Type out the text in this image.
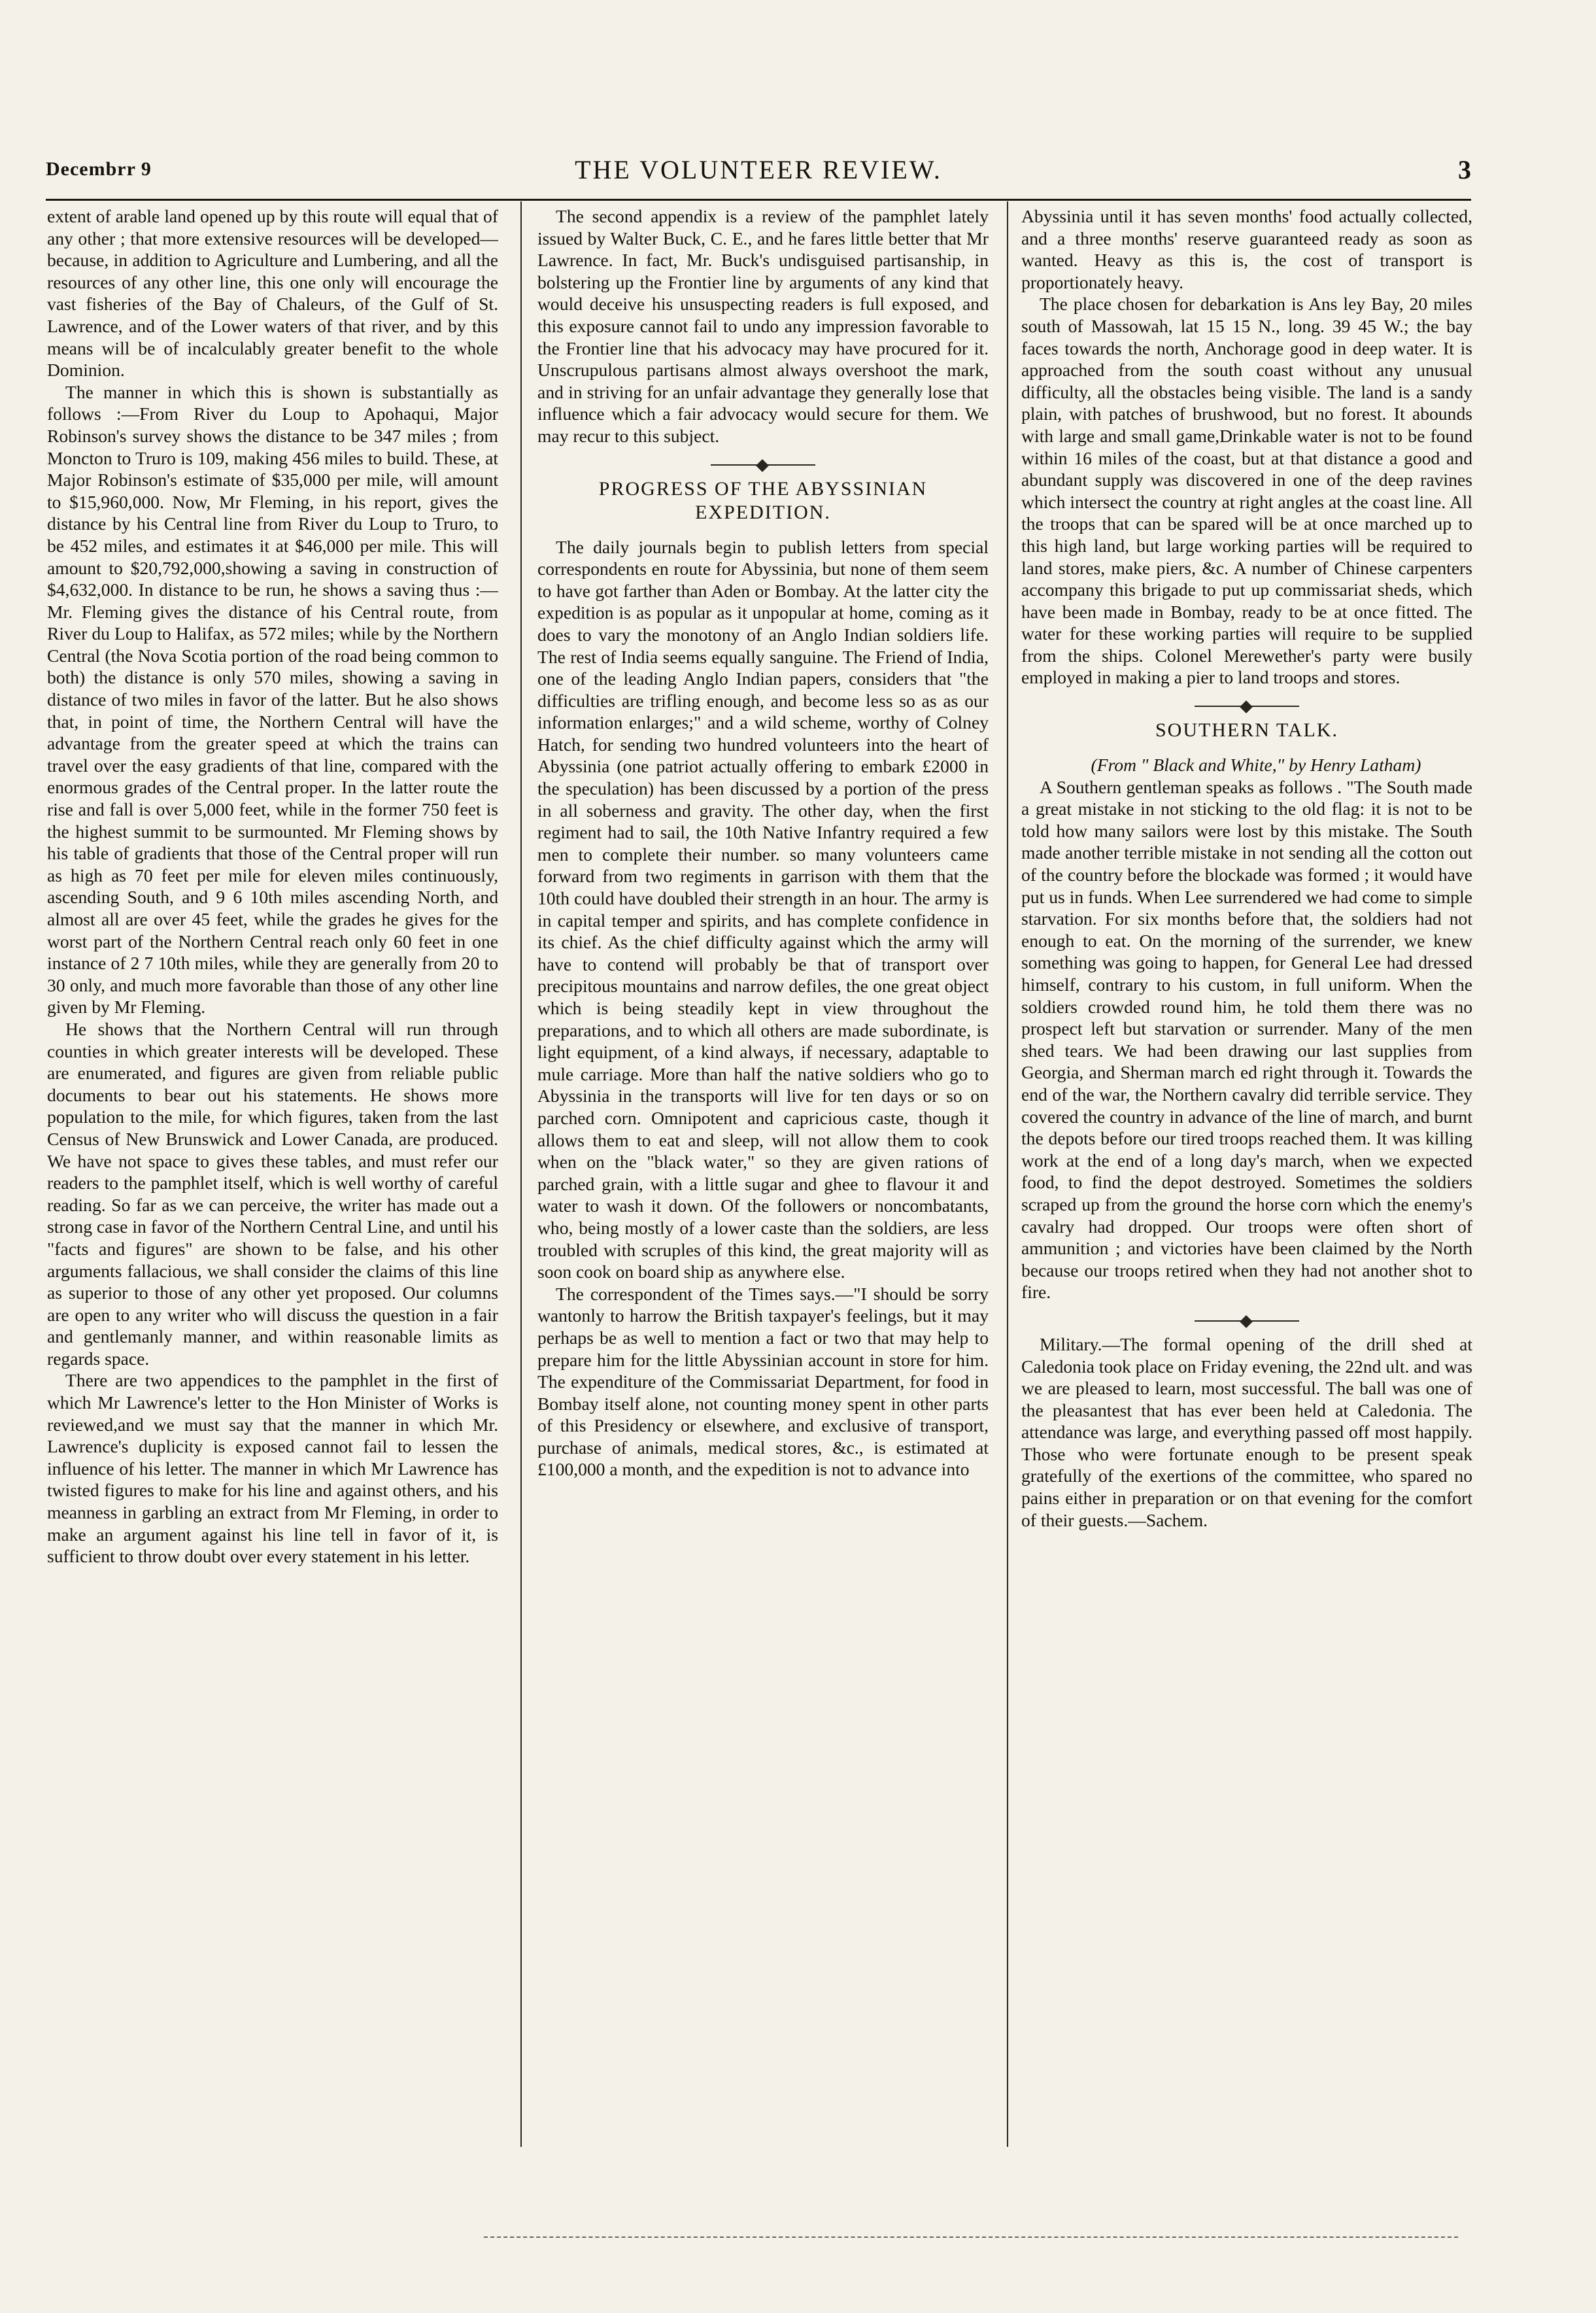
Decembrr 9	THE VOLUNTEER REVIEW.	3

extent of arable land opened up by this route will equal that of any other ; that more extensive resources will be developed—because, in addition to Agriculture and Lumbering, and all the resources of any other line, this one only will encourage the vast fisheries of the Bay of Chaleurs, of the Gulf of St. Lawrence, and of the Lower waters of that river, and by this means will be of incalculably greater benefit to the whole Dominion.

The manner in which this is shown is substantially as follows :—From River du Loup to Apohaqui, Major Robinson's survey shows the distance to be 347 miles ; from Moncton to Truro is 109, making 456 miles to build. These, at Major Robinson's estimate of $35,000 per mile, will amount to $15,960,000. Now, Mr Fleming, in his report, gives the distance by his Central line from River du Loup to Truro, to be 452 miles, and estimates it at $46,000 per mile. This will amount to $20,792,000,showing a saving in construction of $4,632,000. In distance to be run, he shows a saving thus :—Mr. Fleming gives the distance of his Central route, from River du Loup to Halifax, as 572 miles; while by the Northern Central (the Nova Scotia portion of the road being common to both) the distance is only 570 miles, showing a saving in distance of two miles in favor of the latter. But he also shows that, in point of time, the Northern Central will have the advantage from the greater speed at which the trains can travel over the easy gradients of that line, compared with the enormous grades of the Central proper. In the latter route the rise and fall is over 5,000 feet, while in the former 750 feet is the highest summit to be surmounted. Mr Fleming shows by his table of gradients that those of the Central proper will run as high as 70 feet per mile for eleven miles continuously, ascending South, and 9 6 10th miles ascending North, and almost all are over 45 feet, while the grades he gives for the worst part of the Northern Central reach only 60 feet in one instance of 2 7 10th miles, while they are generally from 20 to 30 only, and much more favorable than those of any other line given by Mr Fleming.

He shows that the Northern Central will run through counties in which greater interests will be developed. These are enumerated, and figures are given from reliable public documents to bear out his statements. He shows more population to the mile, for which figures, taken from the last Census of New Brunswick and Lower Canada, are produced. We have not space to gives these tables, and must refer our readers to the pamphlet itself, which is well worthy of careful reading. So far as we can perceive, the writer has made out a strong case in favor of the Northern Central Line, and until his "facts and figures" are shown to be false, and his other arguments fallacious, we shall consider the claims of this line as superior to those of any other yet proposed. Our columns are open to any writer who will discuss the question in a fair and gentlemanly manner, and within reasonable limits as regards space.

There are two appendices to the pamphlet in the first of which Mr Lawrence's letter to the Hon Minister of Works is reviewed,and we must say that the manner in which Mr. Lawrence's duplicity is exposed cannot fail to lessen the influence of his letter. The manner in which Mr Lawrence has twisted figures to make for his line and against others, and his meanness in garbling an extract from Mr Fleming, in order to make an argument against his line tell in favor of it, is sufficient to throw doubt over every statement in his letter.

The second appendix is a review of the pamphlet lately issued by Walter Buck, C. E., and he fares little better that Mr Lawrence. In fact, Mr. Buck's undisguised partisanship, in bolstering up the Frontier line by arguments of any kind that would deceive his unsuspecting readers is full exposed, and this exposure cannot fail to undo any impression favorable to the Frontier line that his advocacy may have procured for it. Unscrupulous partisans almost always overshoot the mark, and in striving for an unfair advantage they generally lose that influence which a fair advocacy would secure for them. We may recur to this subject.

PROGRESS OF THE ABYSSINIAN EXPEDITION.

The daily journals begin to publish letters from special correspondents en route for Abyssinia, but none of them seem to have got farther than Aden or Bombay. At the latter city the expedition is as popular as it unpopular at home, coming as it does to vary the monotony of an Anglo Indian soldiers life. The rest of India seems equally sanguine. The Friend of India, one of the leading Anglo Indian papers, considers that "the difficulties are trifling enough, and become less so as as our information enlarges;" and a wild scheme, worthy of Colney Hatch, for sending two hundred volunteers into the heart of Abyssinia (one patriot actually offering to embark £2000 in the speculation) has been discussed by a portion of the press in all soberness and gravity. The other day, when the first regiment had to sail, the 10th Native Infantry required a few men to complete their number. so many volunteers came forward from two regiments in garrison with them that the 10th could have doubled their strength in an hour. The army is in capital temper and spirits, and has complete confidence in its chief. As the chief difficulty against which the army will have to contend will probably be that of transport over precipitous mountains and narrow defiles, the one great object which is being steadily kept in view throughout the preparations, and to which all others are made subordinate, is light equipment, of a kind always, if necessary, adaptable to mule carriage. More than half the native soldiers who go to Abyssinia in the transports will live for ten days or so on parched corn. Omnipotent and capricious caste, though it allows them to eat and sleep, will not allow them to cook when on the "black water," so they are given rations of parched grain, with a little sugar and ghee to flavour it and water to wash it down. Of the followers or noncombatants, who, being mostly of a lower caste than the soldiers, are less troubled with scruples of this kind, the great majority will as soon cook on board ship as anywhere else.

The correspondent of the Times says.—"I should be sorry wantonly to harrow the British taxpayer's feelings, but it may perhaps be as well to mention a fact or two that may help to prepare him for the little Abyssinian account in store for him. The expenditure of the Commissariat Department, for food in Bombay itself alone, not counting money spent in other parts of this Presidency or elsewhere, and exclusive of transport, purchase of animals, medical stores, &c., is estimated at £100,000 a month, and the expedition is not to advance into

Abyssinia until it has seven months' food actually collected, and a three months' reserve guaranteed ready as soon as wanted. Heavy as this is, the cost of transport is proportionately heavy.

The place chosen for debarkation is Ans ley Bay, 20 miles south of Massowah, lat 15 15 N., long. 39 45 W.; the bay faces towards the north, Anchorage good in deep water. It is approached from the south coast without any unusual difficulty, all the obstacles being visible. The land is a sandy plain, with patches of brushwood, but no forest. It abounds with large and small game,Drinkable water is not to be found within 16 miles of the coast, but at that distance a good and abundant supply was discovered in one of the deep ravines which intersect the country at right angles at the coast line. All the troops that can be spared will be at once marched up to this high land, but large working parties will be required to land stores, make piers, &c. A number of Chinese carpenters accompany this brigade to put up commissariat sheds, which have been made in Bombay, ready to be at once fitted. The water for these working parties will require to be supplied from the ships. Colonel Merewether's party were busily employed in making a pier to land troops and stores.

SOUTHERN TALK.

(From " Black and White," by Henry Latham)

A Southern gentleman speaks as follows . "The South made a great mistake in not sticking to the old flag: it is not to be told how many sailors were lost by this mistake. The South made another terrible mistake in not sending all the cotton out of the country before the blockade was formed ; it would have put us in funds. When Lee surrendered we had come to simple starvation. For six months before that, the soldiers had not enough to eat. On the morning of the surrender, we knew something was going to happen, for General Lee had dressed himself, contrary to his custom, in full uniform. When the soldiers crowded round him, he told them there was no prospect left but starvation or surrender. Many of the men shed tears. We had been drawing our last supplies from Georgia, and Sherman march ed right through it. Towards the end of the war, the Northern cavalry did terrible service. They covered the country in advance of the line of march, and burnt the depots before our tired troops reached them. It was killing work at the end of a long day's march, when we expected food, to find the depot destroyed. Sometimes the soldiers scraped up from the ground the horse corn which the enemy's cavalry had dropped. Our troops were often short of ammunition ; and victories have been claimed by the North because our troops retired when they had not another shot to fire.

Military.—The formal opening of the drill shed at Caledonia took place on Friday evening, the 22nd ult. and was we are pleased to learn, most successful. The ball was one of the pleasantest that has ever been held at Caledonia. The attendance was large, and everything passed off most happily. Those who were fortunate enough to be present speak gratefully of the exertions of the committee, who spared no pains either in preparation or on that evening for the comfort of their guests.—Sachem.
